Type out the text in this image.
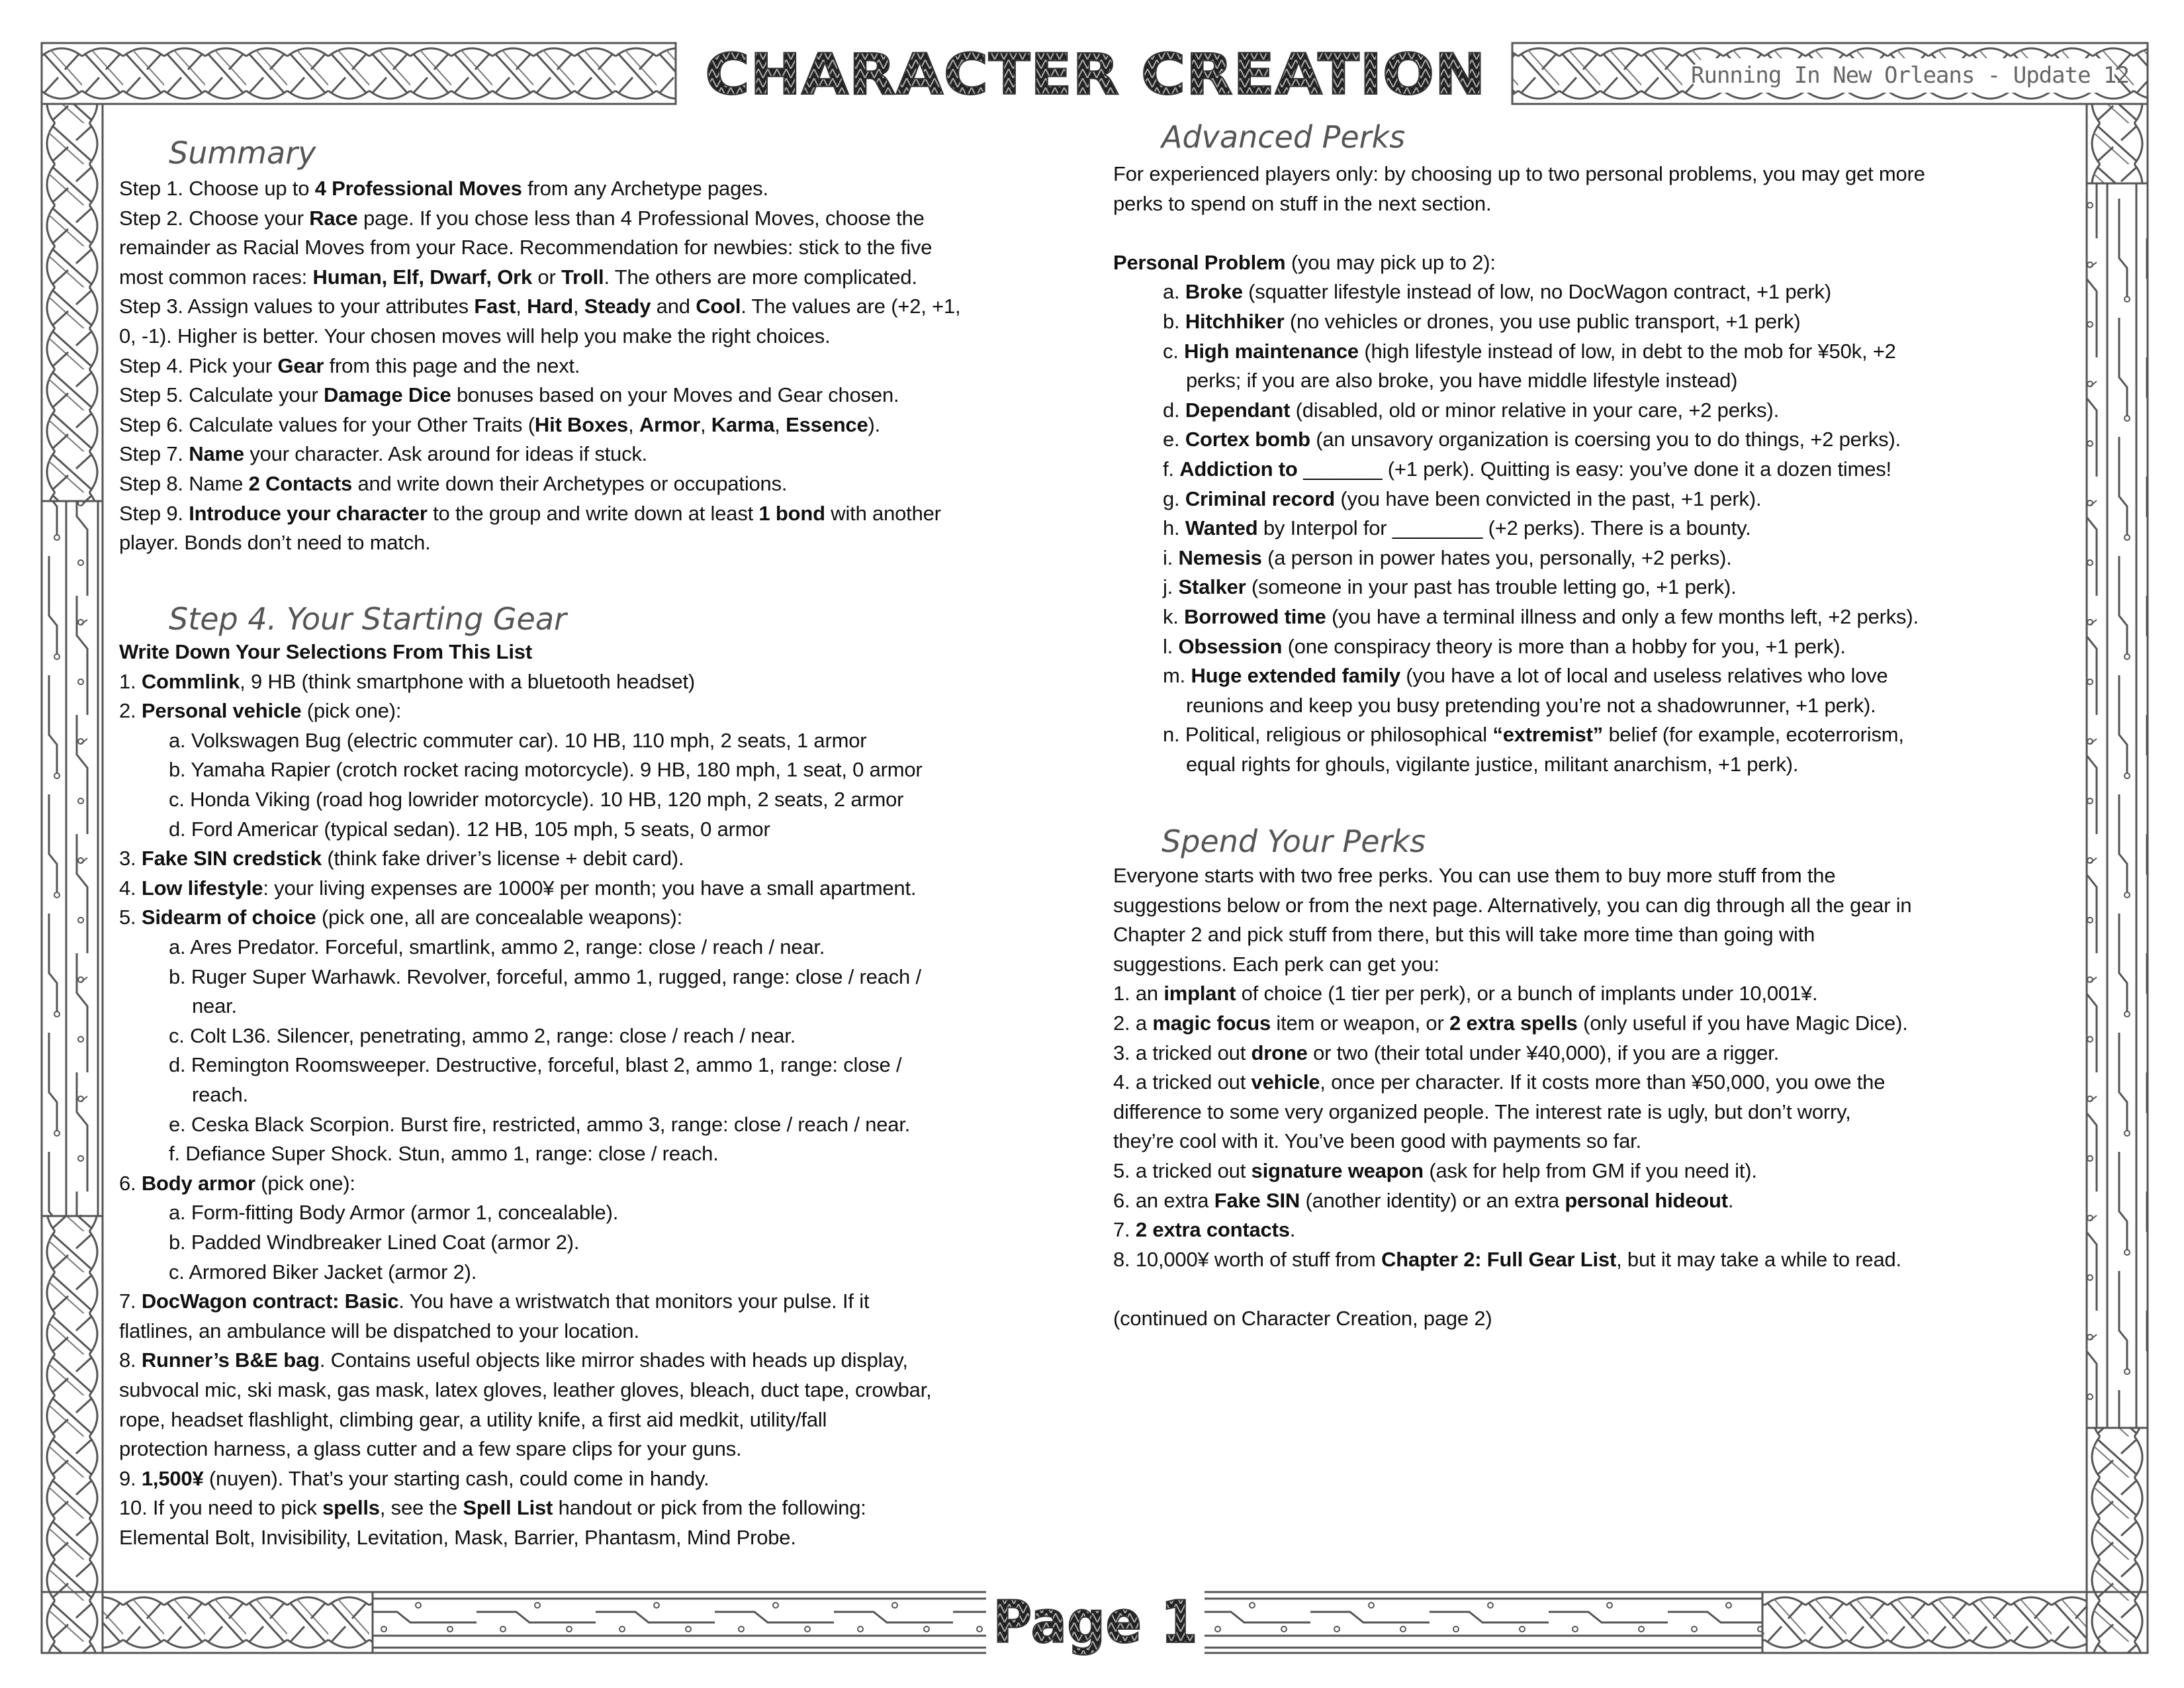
CHARACTER CREATION	Running In New Orleans - Update 12
Page 1
Summary
Step 4. Your Starting Gear
Advanced Perks
Spend Your Perks
Step 1. Choose up to 4 Professional Moves from any Archetype pages.
Step 2. Choose your Race page. If you chose less than 4 Professional Moves, choose the
remainder as Racial Moves from your Race. Recommendation for newbies: stick to the five
most common races: Human, Elf, Dwarf, Ork or Troll. The others are more complicated.
Step 3. Assign values to your attributes Fast, Hard, Steady and Cool. The values are (+2, +1,
0, -1). Higher is better. Your chosen moves will help you make the right choices.
Step 4. Pick your Gear from this page and the next.
Step 5. Calculate your Damage Dice bonuses based on your Moves and Gear chosen.
Step 6. Calculate values for your Other Traits (Hit Boxes, Armor, Karma, Essence).
Step 7. Name your character. Ask around for ideas if stuck.
Step 8. Name 2 Contacts and write down their Archetypes or occupations.
Step 9. Introduce your character to the group and write down at least 1 bond with another
player. Bonds don’t need to match.
Write Down Your Selections From This List
1. Commlink, 9 HB (think smartphone with a bluetooth headset)
2. Personal vehicle (pick one):
a. Volkswagen Bug (electric commuter car). 10 HB, 110 mph, 2 seats, 1 armor
b. Yamaha Rapier (crotch rocket racing motorcycle). 9 HB, 180 mph, 1 seat, 0 armor
c. Honda Viking (road hog lowrider motorcycle). 10 HB, 120 mph, 2 seats, 2 armor
d. Ford Americar (typical sedan). 12 HB, 105 mph, 5 seats, 0 armor
3. Fake SIN credstick (think fake driver’s license + debit card).
4. Low lifestyle: your living expenses are 1000¥ per month; you have a small apartment.
5. Sidearm of choice (pick one, all are concealable weapons):
a. Ares Predator. Forceful, smartlink, ammo 2, range: close / reach / near.
b. Ruger Super Warhawk. Revolver, forceful, ammo 1, rugged, range: close / reach /
near.
c. Colt L36. Silencer, penetrating, ammo 2, range: close / reach / near.
d. Remington Roomsweeper. Destructive, forceful, blast 2, ammo 1, range: close /
reach.
e. Ceska Black Scorpion. Burst fire, restricted, ammo 3, range: close / reach / near.
f. Defiance Super Shock. Stun, ammo 1, range: close / reach.
6. Body armor (pick one):
a. Form-fitting Body Armor (armor 1, concealable).
b. Padded Windbreaker Lined Coat (armor 2).
c. Armored Biker Jacket (armor 2).
7. DocWagon contract: Basic. You have a wristwatch that monitors your pulse. If it
flatlines, an ambulance will be dispatched to your location.
8. Runner’s B&E bag. Contains useful objects like mirror shades with heads up display,
subvocal mic, ski mask, gas mask, latex gloves, leather gloves, bleach, duct tape, crowbar,
rope, headset flashlight, climbing gear, a utility knife, a first aid medkit, utility/fall
protection harness, a glass cutter and a few spare clips for your guns.
9. 1,500¥ (nuyen). That’s your starting cash, could come in handy.
10. If you need to pick spells, see the Spell List handout or pick from the following:
Elemental Bolt, Invisibility, Levitation, Mask, Barrier, Phantasm, Mind Probe.
For experienced players only: by choosing up to two personal problems, you may get more
perks to spend on stuff in the next section.
Personal Problem (you may pick up to 2):
a. Broke (squatter lifestyle instead of low, no DocWagon contract, +1 perk)
b. Hitchhiker (no vehicles or drones, you use public transport, +1 perk)
c. High maintenance (high lifestyle instead of low, in debt to the mob for ¥50k, +2
perks; if you are also broke, you have middle lifestyle instead)
d. Dependant (disabled, old or minor relative in your care, +2 perks).
e. Cortex bomb (an unsavory organization is coersing you to do things, +2 perks).
f. Addiction to _______ (+1 perk). Quitting is easy: you’ve done it a dozen times!
g. Criminal record (you have been convicted in the past, +1 perk).
h. Wanted by Interpol for ________ (+2 perks). There is a bounty.
i. Nemesis (a person in power hates you, personally, +2 perks).
j. Stalker (someone in your past has trouble letting go, +1 perk).
k. Borrowed time (you have a terminal illness and only a few months left, +2 perks).
l. Obsession (one conspiracy theory is more than a hobby for you, +1 perk).
m. Huge extended family (you have a lot of local and useless relatives who love
reunions and keep you busy pretending you’re not a shadowrunner, +1 perk).
n. Political, religious or philosophical “extremist” belief (for example, ecoterrorism,
equal rights for ghouls, vigilante justice, militant anarchism, +1 perk).
Everyone starts with two free perks. You can use them to buy more stuff from the
suggestions below or from the next page. Alternatively, you can dig through all the gear in
Chapter 2 and pick stuff from there, but this will take more time than going with
suggestions. Each perk can get you:
1. an implant of choice (1 tier per perk), or a bunch of implants under 10,001¥.
2. a magic focus item or weapon, or 2 extra spells (only useful if you have Magic Dice).
3. a tricked out drone or two (their total under ¥40,000), if you are a rigger.
4. a tricked out vehicle, once per character. If it costs more than ¥50,000, you owe the
difference to some very organized people. The interest rate is ugly, but don’t worry,
they’re cool with it. You’ve been good with payments so far.
5. a tricked out signature weapon (ask for help from GM if you need it).
6. an extra Fake SIN (another identity) or an extra personal hideout.
7. 2 extra contacts.
8. 10,000¥ worth of stuff from Chapter 2: Full Gear List, but it may take a while to read.
(continued on Character Creation, page 2)
